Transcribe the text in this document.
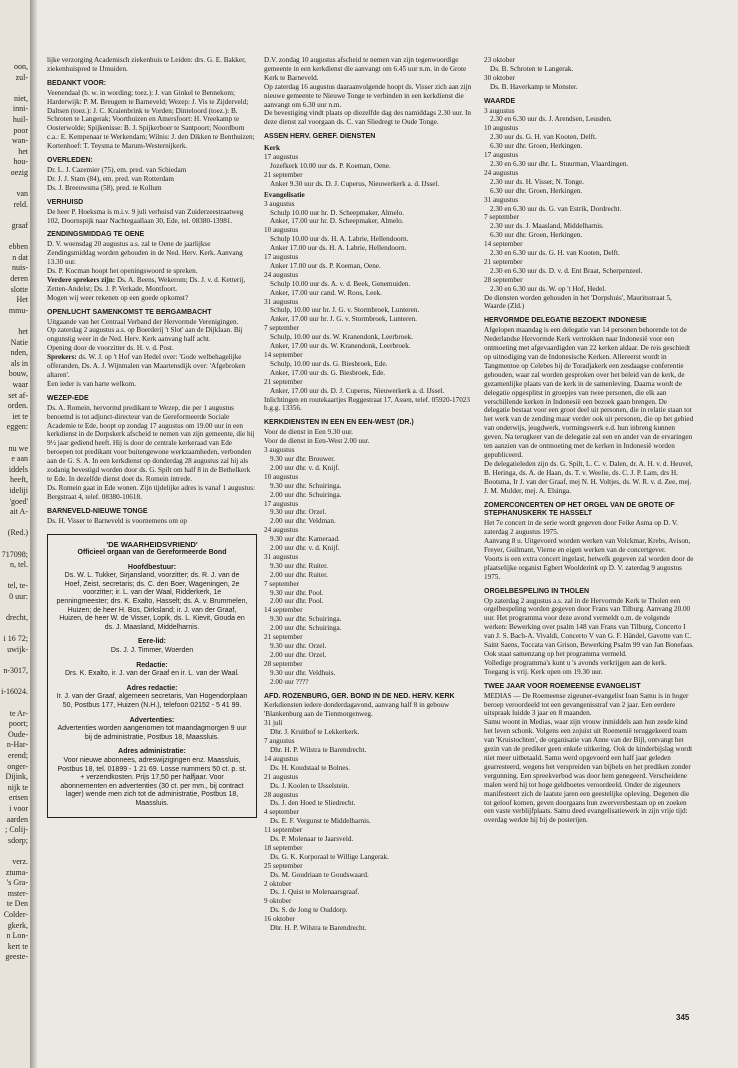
oon,
zul-
niet,
inni-
huil-
poor
wan-
het
hou-
oezig
van
reld.
graaf
ebben
n dat
nuis-
deren
slotte
Het
mmu-
het
Natie
nden,
als in
bouw,
waar
set af-
orden.
iet te
eggen:
nu we
e aan
iddels
heeft,
ideliji
'goed'
ait A-
(Red.)
717098;
n, tel.
tel, te-
0 uur:
drecht,
i 16 72;
uwijk-
n-3017,
i-16024.
te Ar-
poort;
Oude-
n-Har-
erend;
onger-
Dijink,
nijk te
ertsen
i voor
aarden
; Colij-
sdorp;
verz.
ztuma-
's Gra-
mster-
te Den
Colder-
gkerk,
n Lon-
kert te
geeste-

lijke verzorging Academisch ziekenhuis te Leiden: drs. G. E. Bakker, ziekenhuispred te IJmuiden.

BEDANKT VOOR:

Veenendaal (b. w. in wording; toez.): J. van Ginkel te Bennekom; Harderwijk: P. M. Breugem te Barneveld; Wezep: J. Vis te Zijderveld; Daltsen (toez.): J. C. Kraienbrink te Vorden; Dinteloord (toez.): B. Schroten te Langerak; Voorthuizen en Amersfoort: H. Vreekamp te Oosterwolde; Spijkenisse: B. J. Spijkerboer te Santpoort; Noordborn c.a.: E. Kempenaar te Werkendam; Wilnis: J. den Dikken te Benthuizen; Kortenhoef: T. Teysma te Marum-Westernijkerk.

OVERLEDEN:

Dr. L. J. Cazemier (75), em. pred. van Schiedam
Dr. J. J. Stam (84), em. pred. van Rotterdam
Ds. J. Breeuwsma (58), pred. te Kollum

VERHUISD

De heer P. Hoeksma is m.i.v. 9 juli verhuisd van Zuiderzeestraatweg 102, Doornspijk naar Nachtegaallaan 30, Ede, tel. 08380-13981.

ZENDINGSMIDDAG TE OENE

D. V. woensdag 20 augustus a.s. zal te Oene de jaarlijkse Zendingsmiddag worden gehouden in de Ned. Herv. Kerk. Aanvang 13.30 uur.

Ds. P. Kocman hoopt het openingswoord te spreken.

Verdere sprekers zijn: Ds. A. Beens, Wekerom; Ds. J. v. d. Ketterij, Zetten-Andelst; Ds. J. P. Verkade, Montfoort.

Mogen wij weer rekenen op een goede opkomst?

OPENLUCHT SAMENKOMST TE BERGAMBACHT

Uitgaande van het Centraal Verband der Hervormde Verenigingen.
Op zaterdag 2 augustus a.s. op Boerderij 't Slot' aan de Dijklaan. Bij ongunstig weer in de Ned. Herv. Kerk aanvang half acht.
Opening door de voorzitter ds. H. v. d. Post.

Sprekers: ds. W. J. op 't Hof van Hedel over: 'Gode welbehagelijke offeranden, Ds. A. J. Wijnmalen van Maartensdijk over: 'Afgebroken altaren'.
Een ieder is van harte welkom.

WEZEP-EDE

Ds. A. Romein, hervormd predikant te Wezep, die per 1 augustus benoemd is tot adjunct-directeur van de Gereformeerde Sociale Academie te Ede, hoopt op zondag 17 augustus om 19.00 uur in een kerkdienst in de Dorpskerk afscheid te nemen van zijn gemeente, die hij 9½ jaar gediend heeft. Hij is door de centrale kerkeraad van Ede beroepen tot predikant voor buitengewone werkzaamheden, verbonden aan de G. S. A. In een kerkdienst op donderdag 28 augustus zal hij als zodanig bevestigd worden door ds. G. Spilt om half 8 in de Bethelkerk te Ede. In dezelfde dienst doet ds. Romein intrede.
Ds. Romein gaat in Ede wonen. Zijn tijdelijke adres is vanaf 1 augustus: Bergstraat 4, telef. 08380-10618.

BARNEVELD-NIEUWE TONGE

Ds. H. Visser te Barneveld is voornemens om op

'DE WAARHEIDSVRIEND'
Officieel orgaan van de Gereformeerde Bond
Hoofdbestuur:
Ds. W. L. Tukker, Sirjansland, voorzitter; ds. R. J. van de Hoef, Zeist, secretaris; ds. C. den Boer, Wageningen, 2e voorzitter; ir. L. van der Waal, Ridderkerk, 1e penningmeester; drs. K. Exalto, Hasselt; ds. A. v. Brummelen, Huizen; de heer H. Bos, Dirksland; ir. J. van der Graaf, Huizen, de heer W. de Visser, Lopik, ds. L. Kievit, Gouda en ds. J. Maasland, Middelharnis.
Eere-lid:
Ds. J. J. Timmer, Woerden
Redactie:
Drs. K. Exalto, ir. J. van der Graaf en ir. L. van der Waal.
Adres redactie:
Ir. J. van der Graaf, algemeen secretaris, Van Hogendorplaan 50, Postbus 177, Huizen (N.H.), telefoon 02152 - 5 41 99.
Advertenties:
Advertenties worden aangenomen tot maandagmorgen 9 uur bij de administratie, Postbus 18, Maassluis.
Adres administratie:
Voor nieuwe abonnees, adreswijzigingen enz. Maassluis, Postbus 18, tel. 01899 - 1 21 69. Losse nummers 50 ct. p. st. + verzendkosten. Prijs 17,50 per halfjaar. Voor abonnementen en advertenties (30 ct. per mm., bij contract lager) wende men zich tot de administratie, Postbus 18, Maassluis.

D.V. zondag 10 augustus afscheid te nemen van zijn tegenwoordige gemeente in een kerkdienst die aanvangt om 6.45 uur n.m. in de Grote Kerk te Barneveld.
Op zaterdag 16 augustus daaraanvolgende hoopt ds. Visser zich aan zijn nieuwe gemeente te Nieuwe Tonge te verbinden in een kerkdienst die aanvangt om 6.30 uur n.m.
De bevestiging vindt plaats op diezelfde dag des namiddags 2.30 uur. In deze dienst zal voorgaan ds. C. van Sliedregt te Oude Tonge.

ASSEN HERV. GEREF. DIENSTEN

Kerk

17 augustus

Jozefkerk 10.00 uur ds. P. Koeman, Oene.

21 september

Anker 9.30 uur ds. D. J. Cuperus, Nieuwerkerk a. d. IJssel.

Evangelisatie

3 augustus

Schulp 10.00 uur hr. D. Scheepmaker, Almelo.

Anker, 17.00 uur hr. D. Scheepmaker, Almelo.

10 augustus

Schulp 10.00 uur ds. H. A. Labrie, Hellendoorn.

Anker 17.00 uur ds. H. A. Labrie, Hellendoorn.

17 augustus

Anker 17.00 uur ds. P. Koeman, Oene.

24 augustus

Schulp 10.00 uur ds. A. v. d. Beek, Genemuiden.

Anker, 17.00 uur cand. W. Roos, Leek.

31 augustus

Schulp, 10.00 uur hr. J. G. v. Stormbroek, Lunteren.

Anker, 17.00 uur hr. J. G. v. Stormbroek, Lunteren.

7 september

Schulp, 10.00 uur ds. W. Kranendonk, Leerbroek.

Anker, 17.00 uur ds. W. Kranendonk, Leerbroek.

14 september

Schulp, 10.00 uur ds. G. Biesbroek, Ede.

Anker, 17.00 uur ds. G. Biesbroek, Ede.

21 september

Anker, 17.00 uur ds. D. J. Cuperus, Nieuwerkerk a. d. IJssel.

Inlichtingen en routekaartjes Reggestraat 17, Assen, telef. 05920-17023 b.g.g. 13356.

KERKDIENSTEN IN EEN EN EEN-WEST (DR.)

Voor de dienst in Een 9.30 uur.
Voor de dienst in Een-West 2.00 uur.

3 augustus

9.30 uur dhr. Brouwer.

2.00 uur dhr. v. d. Knijf.

10 augustus

9.30 uur dhr. Schuiringa.

2.00 uur dhr. Schuiringa.

17 augustus

9.30 uur dhr. Orzel.

2.00 uur dhr. Veldman.

24 augustus

9.30 uur dhr. Kameraad.

2.00 uur dhr. v. d. Knijf.

31 augustus

9.30 uur dhr. Ruiter.

2.00 uur dhr. Ruiter.

7 september

9.30 uur dhr. Pool.

2.00 uur dhr. Pool.

14 september

9.30 uur dhr. Schuiringa.

2.00 uur dhr. Schuiringa.

21 september

9.30 uur dhr. Orzel.

2.00 uur dhr. Orzel.

28 september

9.30 uur dhr. Veldhuis.

2.00 uur ????

AFD. ROZENBURG, GER. BOND IN DE NED. HERV. KERK

Kerkdiensten iedere donderdagavond, aanvang half 8 in gebouw 'Blankenburg aan de Tienmorgenweg.

31 juli

Dhr. J. Kruithof te Lekkerkerk.

7 augustus

Dhr. H. P. Wilstra te Barendrecht.

14 augustus

Ds. H. Koudstaal te Bolnes.

21 augustus

Ds. J. Koolen te IJsselstein.

28 augustus

Ds. J. den Hoed te Sliedrecht.

4 september

Ds. E. F. Vergunst te Middelharnis.

11 september

Ds. P. Molenaar te Jaarsveld.

18 september

Ds. G. K. Korporaal te Willige Langerak.

25 september

Ds. M. Goudriaan te Goudswaard.

2 oktober

Ds. J. Quist te Molenaarsgraaf.

9 oktober

Ds. S. de Jong te Ouddorp.

16 oktober

Dhr. H. P. Wilstra te Barendrecht.

23 oktober

Ds. B. Schroten te Langerak.

30 oktober

Ds. B. Haverkamp te Monster.

WAARDE

3 augustus

2.30 en 6.30 uur ds. J. Arendsen, Leusden.

10 augustus

2.30 uur ds. G. H. van Kooten, Delft.

6.30 uur dhr. Groen, Herkingen.

17 augustus

2.30 en 6.30 uur dhr. L. Stuurman, Vlaardingen.

24 augustus

2.30 uur ds. H. Visser, N. Tonge.

6.30 uur dhr. Groen, Herkingen.

31 augustus

2.30 en 6.30 uur ds. G. van Estrik, Dordrecht.

7 september

2.30 uur ds. J. Maasland, Middelharnis.

6.30 uur dhr. Groen, Herkingen.

14 september

2.30 en 6.30 uur ds. G. H. van Kooten, Delft.

21 september

2.30 en 6.30 uur ds. D. v. d. Ent Braat, Scherpenzeel.

28 september

2.30 en 6.30 uur ds. W. op 't Hof, Hedel.

De diensten worden gehouden in het 'Dorpshuis', Mauritsstraat 5, Waarde (Zld.)

HERVORMDE DELEGATIE BEZOEKT INDONESIE

Afgelopen maandag is een delegatie van 14 personen behorende tot de Nederlandse Hervormde Kerk vertrokken naar Indonesië voor een ontmoeting met afgevaardigden van 22 kerken aldaar. De reis geschiedt op uitnodiging van de Indonesische Kerken. Allereerst wordt in Tangmentoe op Celebes bij de Toradjakerk een zesdaagse conferentie gehouden, waar zal worden gesproken over het beleid van de kerk, de gezamenlijke plaats van de kerk in de samenleving. Daarna wordt de delegatie opgesplitst in groepjes van twee personen, die elk aan verschillende kerken in Indonesië een bezoek gaan brengen. De delegatie bestaat voor een groot deel uit personen, die in relatie staan tot het werk van de zending maar verder ook uit personen, die op het gebied van onderwijs, jeugdwerk, vormingswerk e.d. hun inbreng kunnen geven. Na terugkeer van de delegatie zal een en ander van de ervaringen ten aanzien van de ontmoeting met de kerken in Indonesië worden gepubliceerd.
De delegatieleden zijn ds. G. Spilt, L. C. v. Dalen, dr. A. H. v. d. Heuvel, B. Heringa, ds. A. de Haan, ds. T. v. Weelie, ds. C. J. P. Lam, drs H. Bootsma, Ir J. van der Graaf, mej N. H. Voltjes, ds. W. R. v. d. Zee, mej. J. M. Mulder, mej. A. Elsinga.

ZOMERCONCERTEN OP HET ORGEL VAN DE GROTE OF STEPHANUSKERK TE HASSELT

Het 7e concert in de serie wordt gegeven door Feike Asma op D. V. zaterdag 2 augustus 1975.
Aanvang 8 u. Uitgevoerd worden werken van Volckmar, Krebs, Avison, Freyer, Guilmant, Vierne en eigen werken van de concertgever.
Voorts is een extra concert ingelast, hetwelk gegeven zal worden door de plaatselijke organist Egbert Woolderink op D. V. zaterdag 9 augustus 1975.

ORGELBESPELING IN THOLEN

Op zaterdag 2 augustus a.s. zal in de Hervormde Kerk te Tholen een orgelbespeling worden gegeven door Frans van Tilburg. Aanvang 20.00 uur. Het programma voor deze avond vermeldt o.m. de volgende werken: Bewerking over psalm 148 van Frans van Tilburg, Concerto I van J. S. Bach-A. Vivaldi, Concerto V van G. F. Händel, Gavotte van C. Saint Saens, Toccata van Grison, Bewerking Psalm 99 van Jan Bonefaas. Ook staat samenzang op het programma vermeld.
Volledige programma's kunt u 's avonds verkrijgen aan de kerk.
Toegang is vrij. Kerk open om 19.30 uur.

TWEE JAAR VOOR ROEMEENSE EVANGELIST

MEDIAS — De Roemeense zigeuner-evangelist Ioan Samu is in hoger beroep veroordeeld tot een gevangenisstraf van 2 jaar. Een eerdere uitspraak luidde 3 jaar en 8 maanden.
Samu woont in Medias, waar zijn vrouw inmiddels aan hun zesde kind het leven schonk. Volgens een zojuist uit Roemenië teruggekeerd team van 'Kruistochten', de organisatie van Anne van der Bijl, ontvangt het gezin van de prediker geen enkele uitkering. Ook de kinderbijslag wordt niet meer uitbetaald. Samu werd opgevoerd een half jaar geleden gearresteerd, wegens het verspreiden van bijbels en het prediken zonder vergunning. Een spreekverbod was door hem genegeerd. Verscheidene malen werd hij tot hoge geldboetes veroordeeld. Onder de zigeuners manifesteert zich de laatste jaren een geestelijke opleving. Degenen die tot geloof komen, geven doorgaans hun zwerversbestaan op en zoeken een vaste verblijfplaats. Samu deed evangelisatiewerk in zijn vrije tijd: overdag werkte hij bij de posterijen.

345
